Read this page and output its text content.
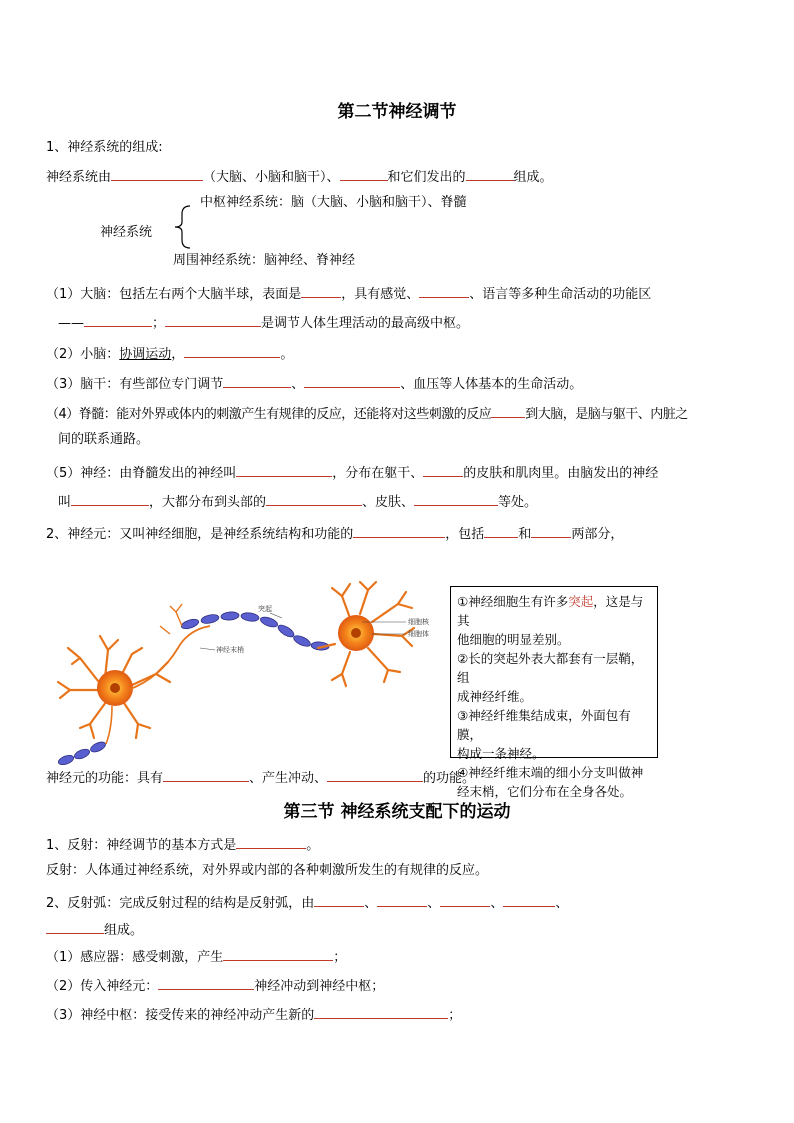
第二节神经调节
1、神经系统的组成:
神经系统由	（大脑、小脑和脑干）、	和它们发出的	组成。
中枢神经系统：脑（大脑、小脑和脑干）、脊髓
神经系统
周围神经系统：脑神经、脊神经
（1）大脑：包括左右两个大脑半球，表面是	，具有感觉、	、语言等多种生命活动的功能区
——	；	是调节人体生理活动的最高级中枢。
（2）小脑：协调运动，	。
（3）脑干：有些部位专门调节	、	、血压等人体基本的生命活动。
（4）脊髓：能对外界或体内的刺激产生有规律的反应，还能将对这些刺激的反应	到大脑，是脑与躯干、内脏之
间的联系通路。
（5）神经：由脊髓发出的神经叫	，分布在躯干、	的皮肤和肌肉里。由脑发出的神经
叫	，大都分布到头部的	、皮肤、	等处。
2、神经元：又叫神经细胞，是神经系统结构和功能的	，包括	和	两部分，
突起
神经末梢
细胞核
细胞体

①神经细胞生有许多突起，这是与其

他细胞的明显差别。

②长的突起外表大都套有一层鞘，组

成神经纤维。

③神经纤维集结成束，外面包有膜，

构成一条神经。

④神经纤维末端的细小分支叫做神

经末梢，它们分布在全身各处。

神经元的功能：具有	、产生冲动、	的功能。
第三节 神经系统支配下的运动
1、反射：神经调节的基本方式是	。
反射：人体通过神经系统，对外界或内部的各种刺激所发生的有规律的反应。
2、反射弧：完成反射过程的结构是反射弧，由	、	、	、	、
组成。
（1）感应器：感受刺激，产生	；
（2）传入神经元：	神经冲动到神经中枢；
（3）神经中枢：接受传来的神经冲动产生新的	；
